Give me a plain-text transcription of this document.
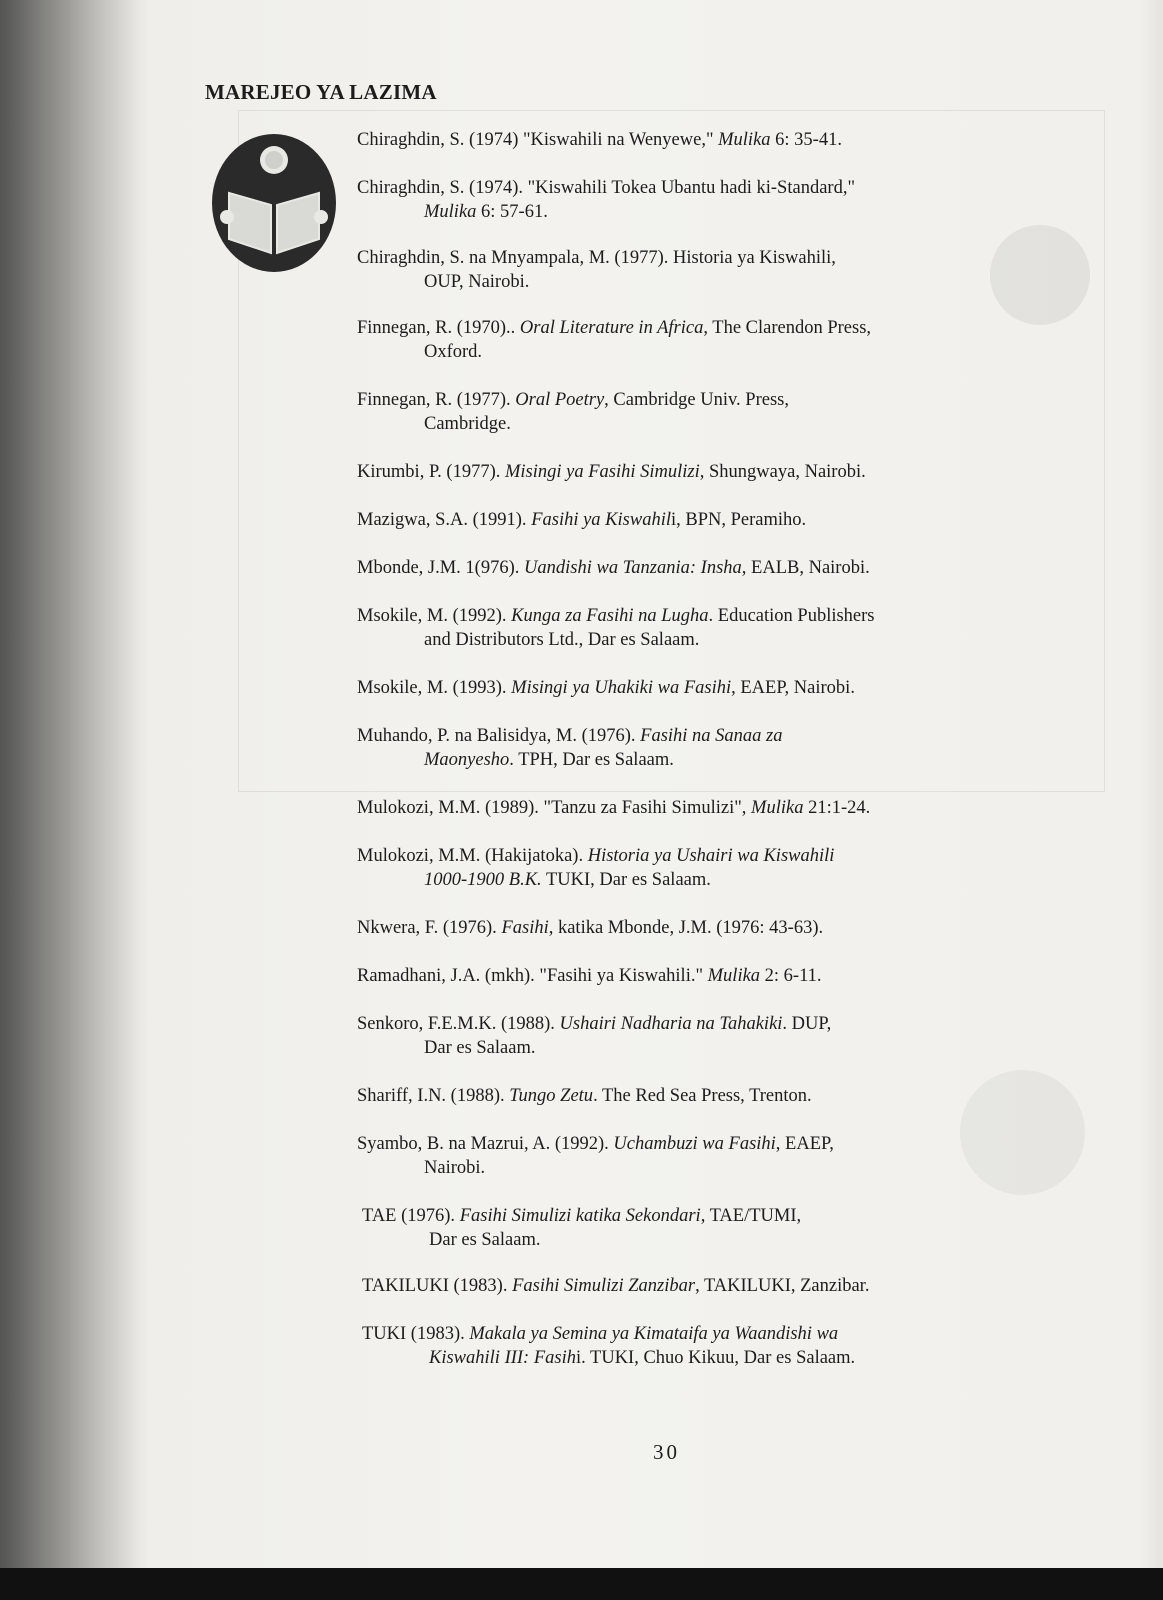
MAREJEO YA LAZIMA
Chiraghdin, S. (1974) "Kiswahili na Wenyewe," Mulika 6: 35-41.
Chiraghdin, S. (1974). "Kiswahili Tokea Ubantu hadi ki-Standard,"
Mulika 6: 57-61.
Chiraghdin, S. na Mnyampala, M. (1977). Historia ya Kiswahili,
OUP, Nairobi.
Finnegan, R. (1970).. Oral Literature in Africa, The Clarendon Press,
Oxford.
Finnegan, R. (1977). Oral Poetry, Cambridge Univ. Press,
Cambridge.
Kirumbi, P. (1977). Misingi ya Fasihi Simulizi, Shungwaya, Nairobi.
Mazigwa, S.A. (1991). Fasihi ya Kiswahili, BPN, Peramiho.
Mbonde, J.M. 1(976). Uandishi wa Tanzania: Insha, EALB, Nairobi.
Msokile, M. (1992). Kunga za Fasihi na Lugha. Education Publishers
and Distributors Ltd., Dar es Salaam.
Msokile, M. (1993). Misingi ya Uhakiki wa Fasihi, EAEP, Nairobi.
Muhando, P. na Balisidya, M. (1976). Fasihi na Sanaa za
Maonyesho. TPH, Dar es Salaam.
Mulokozi, M.M. (1989). "Tanzu za Fasihi Simulizi", Mulika 21:1-24.
Mulokozi, M.M. (Hakijatoka). Historia ya Ushairi wa Kiswahili
1000-1900 B.K. TUKI, Dar es Salaam.
Nkwera, F. (1976). Fasihi, katika Mbonde, J.M. (1976: 43-63).
Ramadhani, J.A. (mkh). "Fasihi ya Kiswahili." Mulika 2: 6-11.
Senkoro, F.E.M.K. (1988). Ushairi Nadharia na Tahakiki. DUP,
Dar es Salaam.
Shariff, I.N. (1988). Tungo Zetu. The Red Sea Press, Trenton.
Syambo, B. na Mazrui, A. (1992). Uchambuzi wa Fasihi, EAEP,
Nairobi.
TAE (1976). Fasihi Simulizi katika Sekondari, TAE/TUMI,
Dar es Salaam.
TAKILUKI (1983). Fasihi Simulizi Zanzibar, TAKILUKI, Zanzibar.
TUKI (1983). Makala ya Semina ya Kimataifa ya Waandishi wa
Kiswahili III: Fasihi. TUKI, Chuo Kikuu, Dar es Salaam.
30
